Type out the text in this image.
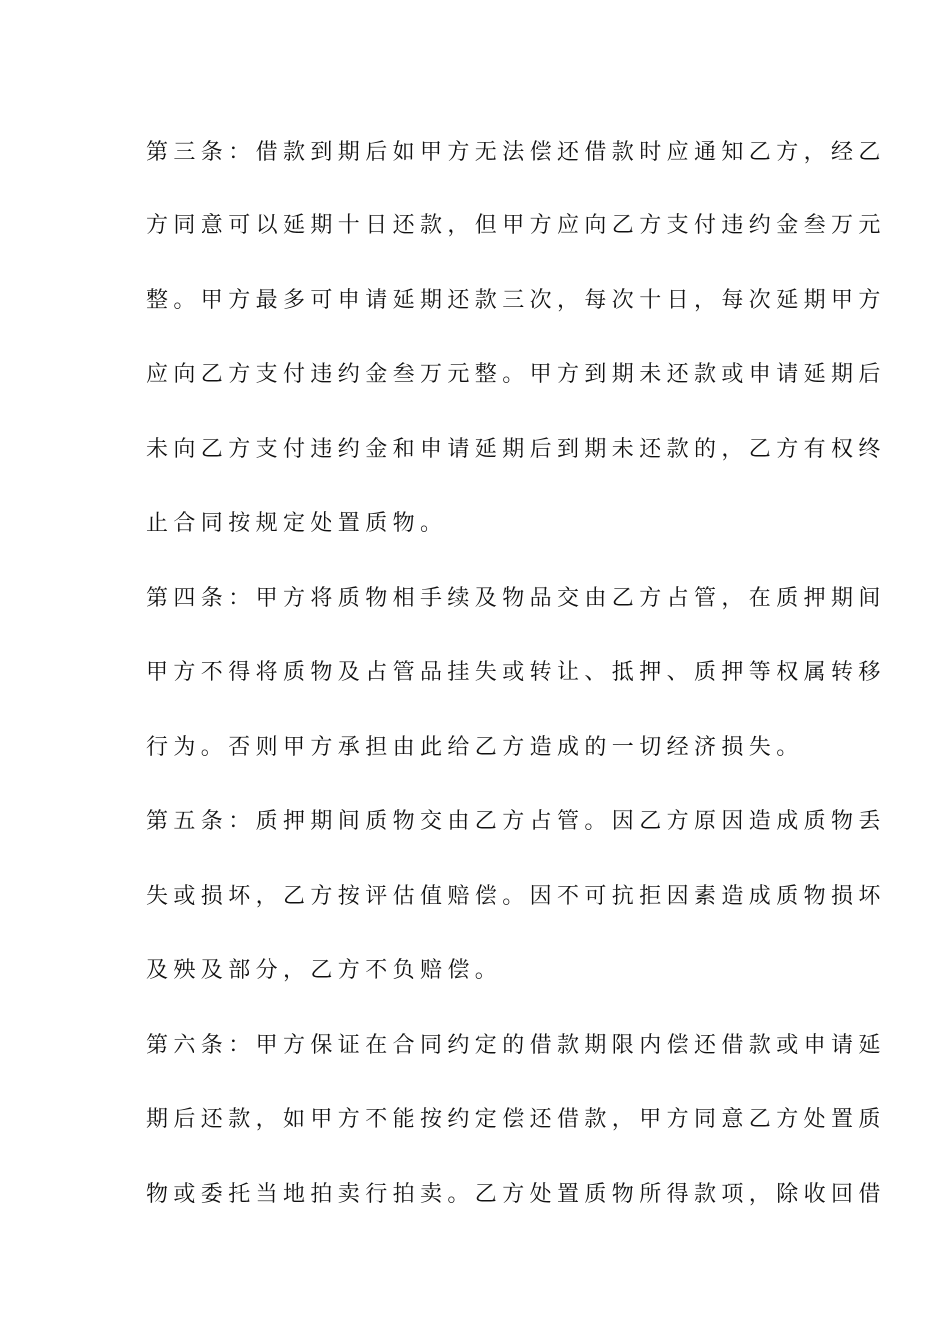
第三条：借款到期后如甲方无法偿还借款时应通知乙方，经乙
方同意可以延期十日还款，但甲方应向乙方支付违约金叁万元
整。甲方最多可申请延期还款三次，每次十日，每次延期甲方
应向乙方支付违约金叁万元整。甲方到期未还款或申请延期后
未向乙方支付违约金和申请延期后到期未还款的，乙方有权终
止合同按规定处置质物。
第四条：甲方将质物相手续及物品交由乙方占管，在质押期间
甲方不得将质物及占管品挂失或转让、抵押、质押等权属转移
行为。否则甲方承担由此给乙方造成的一切经济损失。
第五条：质押期间质物交由乙方占管。因乙方原因造成质物丢
失或损坏，乙方按评估值赔偿。因不可抗拒因素造成质物损坏
及殃及部分，乙方不负赔偿。
第六条：甲方保证在合同约定的借款期限内偿还借款或申请延
期后还款，如甲方不能按约定偿还借款，甲方同意乙方处置质
物或委托当地拍卖行拍卖。乙方处置质物所得款项，除收回借
